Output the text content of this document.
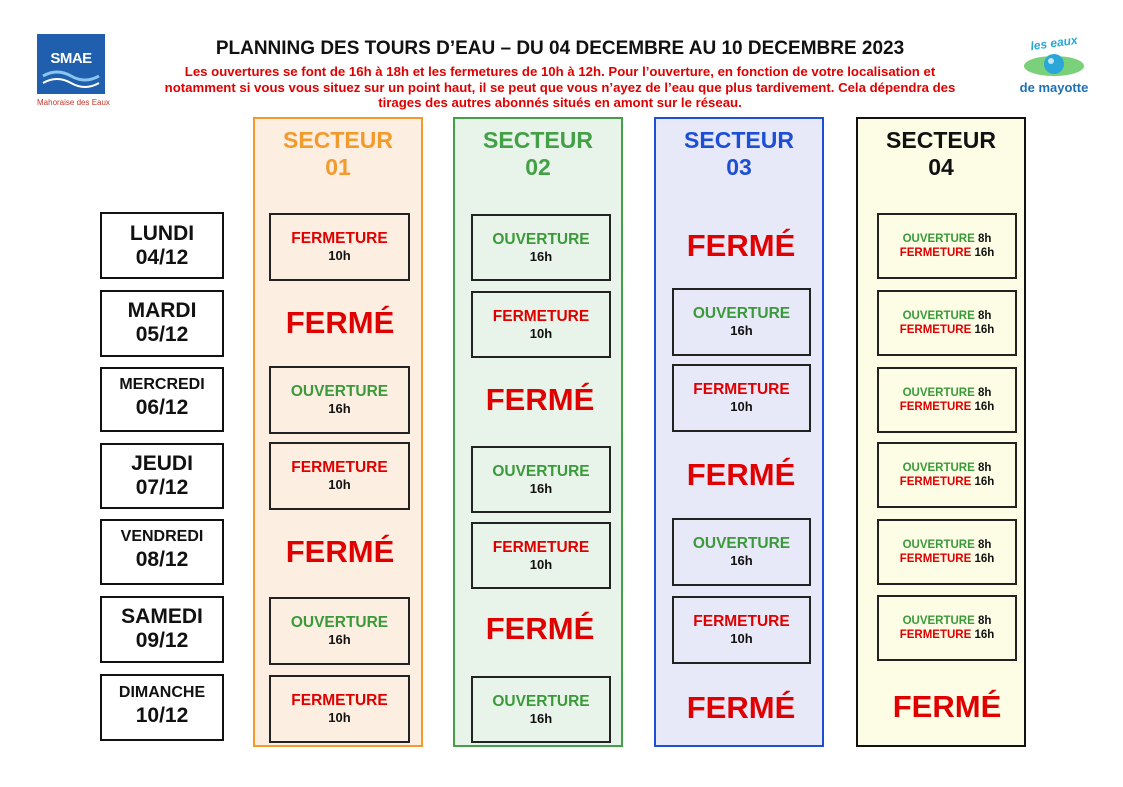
SMAE
Mahoraise des Eaux
les eaux
de mayotte
PLANNING DES TOURS D’EAU – DU 04 DECEMBRE AU 10 DECEMBRE 2023
Les ouvertures se font de 16h à 18h et les fermetures de 10h à 12h. Pour l’ouverture, en fonction de votre localisation et
notamment si vous vous situez sur un point haut, il se peut que vous n’ayez de l’eau que plus tardivement. Cela dépendra des
tirages des autres abonnés situés en amont sur le réseau.
SECTEUR
01
SECTEUR
02
SECTEUR
03
SECTEUR
04
LUNDI
04/12
MARDI
05/12
MERCREDI
06/12
JEUDI
07/12
VENDREDI
08/12
SAMEDI
09/12
DIMANCHE
10/12
FERMETURE
10h
FERMÉ
OUVERTURE
16h
FERMETURE
10h
FERMÉ
OUVERTURE
16h
FERMETURE
10h
OUVERTURE
16h
FERMETURE
10h
FERMÉ
OUVERTURE
16h
FERMETURE
10h
FERMÉ
OUVERTURE
16h
FERMÉ
OUVERTURE
16h
FERMETURE
10h
FERMÉ
OUVERTURE
16h
FERMETURE
10h
FERMÉ
OUVERTURE 8h
FERMETURE 16h
OUVERTURE 8h
FERMETURE 16h
OUVERTURE 8h
FERMETURE 16h
OUVERTURE 8h
FERMETURE 16h
OUVERTURE 8h
FERMETURE 16h
OUVERTURE 8h
FERMETURE 16h
FERMÉ
